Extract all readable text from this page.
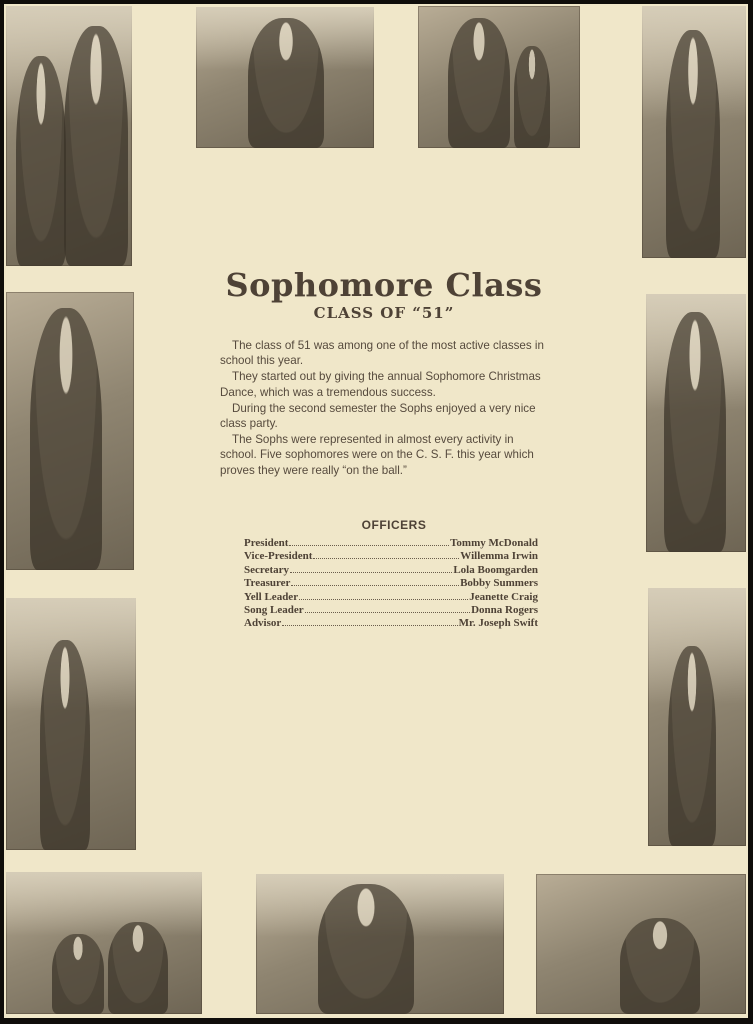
Sophomore Class
CLASS OF “51”

The class of 51 was among one of the most active classes in school this year.

They started out by giving the annual Sophomore Christmas Dance, which was a tremendous success.

During the second semester the Sophs enjoyed a very nice class party.

The Sophs were represented in almost every activity in school. Five sophomores were on the C. S. F. this year which proves they were really “on the ball.”

OFFICERS
President	Tommy McDonald
Vice-President	Willemma Irwin
Secretary	Lola Boomgarden
Treasurer	Bobby Summers
Yell Leader	Jeanette Craig
Song Leader	Donna Rogers
Advisor	Mr. Joseph Swift
